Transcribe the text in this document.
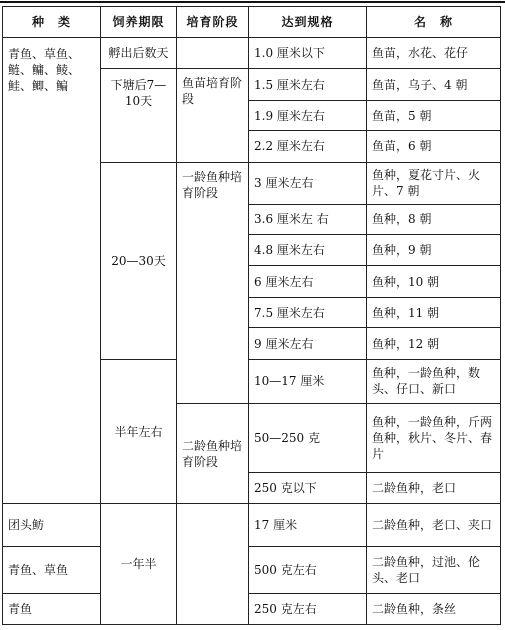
种　类	饲养期限	培育阶段	达到规格	名　称
青鱼、草鱼、鲢、鳙、鲮、鲑、鲫、鳊	孵出后数天		1.0 厘米以下	鱼苗，水花、花仔
	下塘后7—10天	鱼苗培育阶段	1.5 厘米左右	鱼苗，乌子、4 朝
			1.9 厘米左右	鱼苗，5 朝
			2.2 厘米左右	鱼苗，6 朝
	20—30天	一龄鱼种培育阶段	3 厘米左右	鱼种，夏花寸片、火片、7 朝
			3.6 厘米左 右	鱼种，8 朝
			4.8 厘米左右	鱼种，9 朝
			6 厘米左右	鱼种，10 朝
			7.5 厘米左右	鱼种，11 朝
			9 厘米左右	鱼种，12 朝
	半年左右		10—17 厘米	鱼种，一龄鱼种，数头、仔口、新口
		二龄鱼种培育阶段	50—250 克	鱼种，一龄鱼种，斤两鱼种，秋片、冬片、春片
			250 克以下	二龄鱼种，老口
团头鲂	一年半		17 厘米	二龄鱼种，老口、夹口
青鱼、草鱼			500 克左右	二龄鱼种，过池、伦头、老口
青鱼			250 克左右	二龄鱼种，条丝
